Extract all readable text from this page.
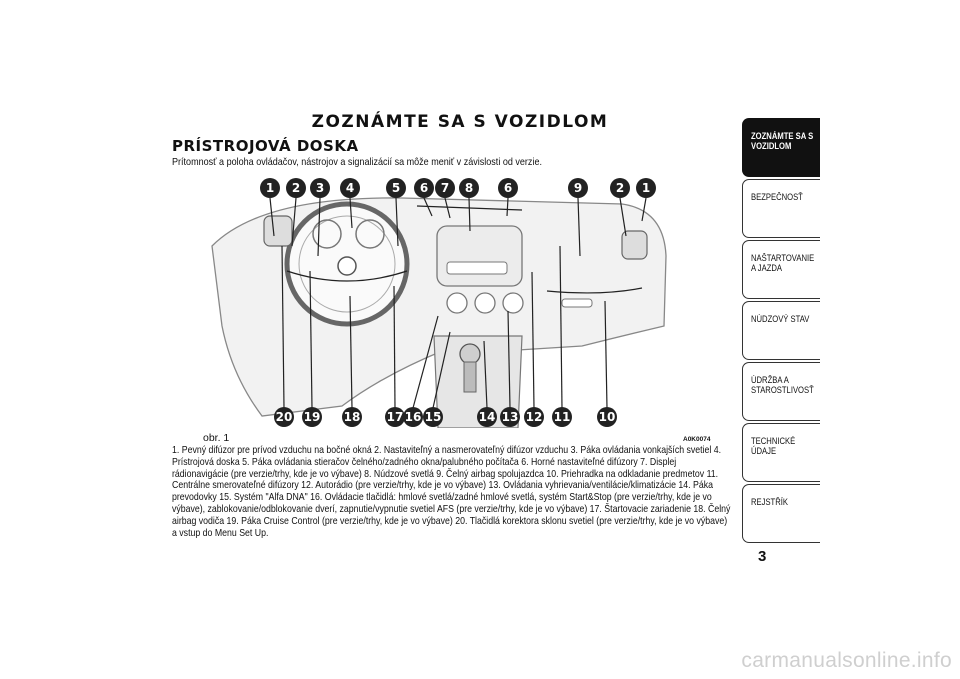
ZOZNÁMTE SA S VOZIDLOM
PRÍSTROJOVÁ DOSKA
Prítomnosť a poloha ovládačov, nástrojov a signalizácií sa môže meniť v závislosti od verzie.
1 2 3 4	5 6 7 8	6	9	2 1
20 19 18 17 16 15	14 13 12 11 10
obr. 1	A0K0074
1. Pevný difúzor pre prívod vzduchu na bočné okná 2. Nastaviteľný a nasmerovateľný difúzor vzduchu 3. Páka ovládania vonkajších svetiel 4. Prístrojová doska 5. Páka ovládania stieračov čelného/zadného okna/palubného počítača 6. Horné nastaviteľné difúzory 7. Displej rádionavigácie (pre verzie/trhy, kde je vo výbave) 8. Núdzové svetlá 9. Čelný airbag spolujazdca 10. Priehradka na odkladanie predmetov 11. Centrálne smerovateľné difúzory 12. Autorádio (pre verzie/trhy, kde je vo výbave) 13. Ovládania vyhrievania/ventilácie/klimatizácie 14. Páka prevodovky 15. Systém "Alfa DNA" 16. Ovládacie tlačidlá: hmlové svetlá/zadné hmlové svetlá, systém Start&Stop (pre verzie/trhy, kde je vo výbave), zablokovanie/odblokovanie dverí, zapnutie/vypnutie svetiel AFS (pre verzie/trhy, kde je vo výbave) 17. Štartovacie zariadenie 18. Čelný airbag vodiča 19. Páka Cruise Control (pre verzie/trhy, kde je vo výbave) 20. Tlačidlá korektora sklonu svetiel (pre verzie/trhy, kde je vo výbave) a vstup do Menu Set Up.
ZOZNÁMTE SA S VOZIDLOM
BEZPEČNOSŤ
NAŠTARTOVANIE A JAZDA
NÚDZOVÝ STAV
ÚDRŽBA A STAROSTLIVOSŤ
TECHNICKÉ ÚDAJE
REJSTŘÍK
3
carmanualsonline.info
